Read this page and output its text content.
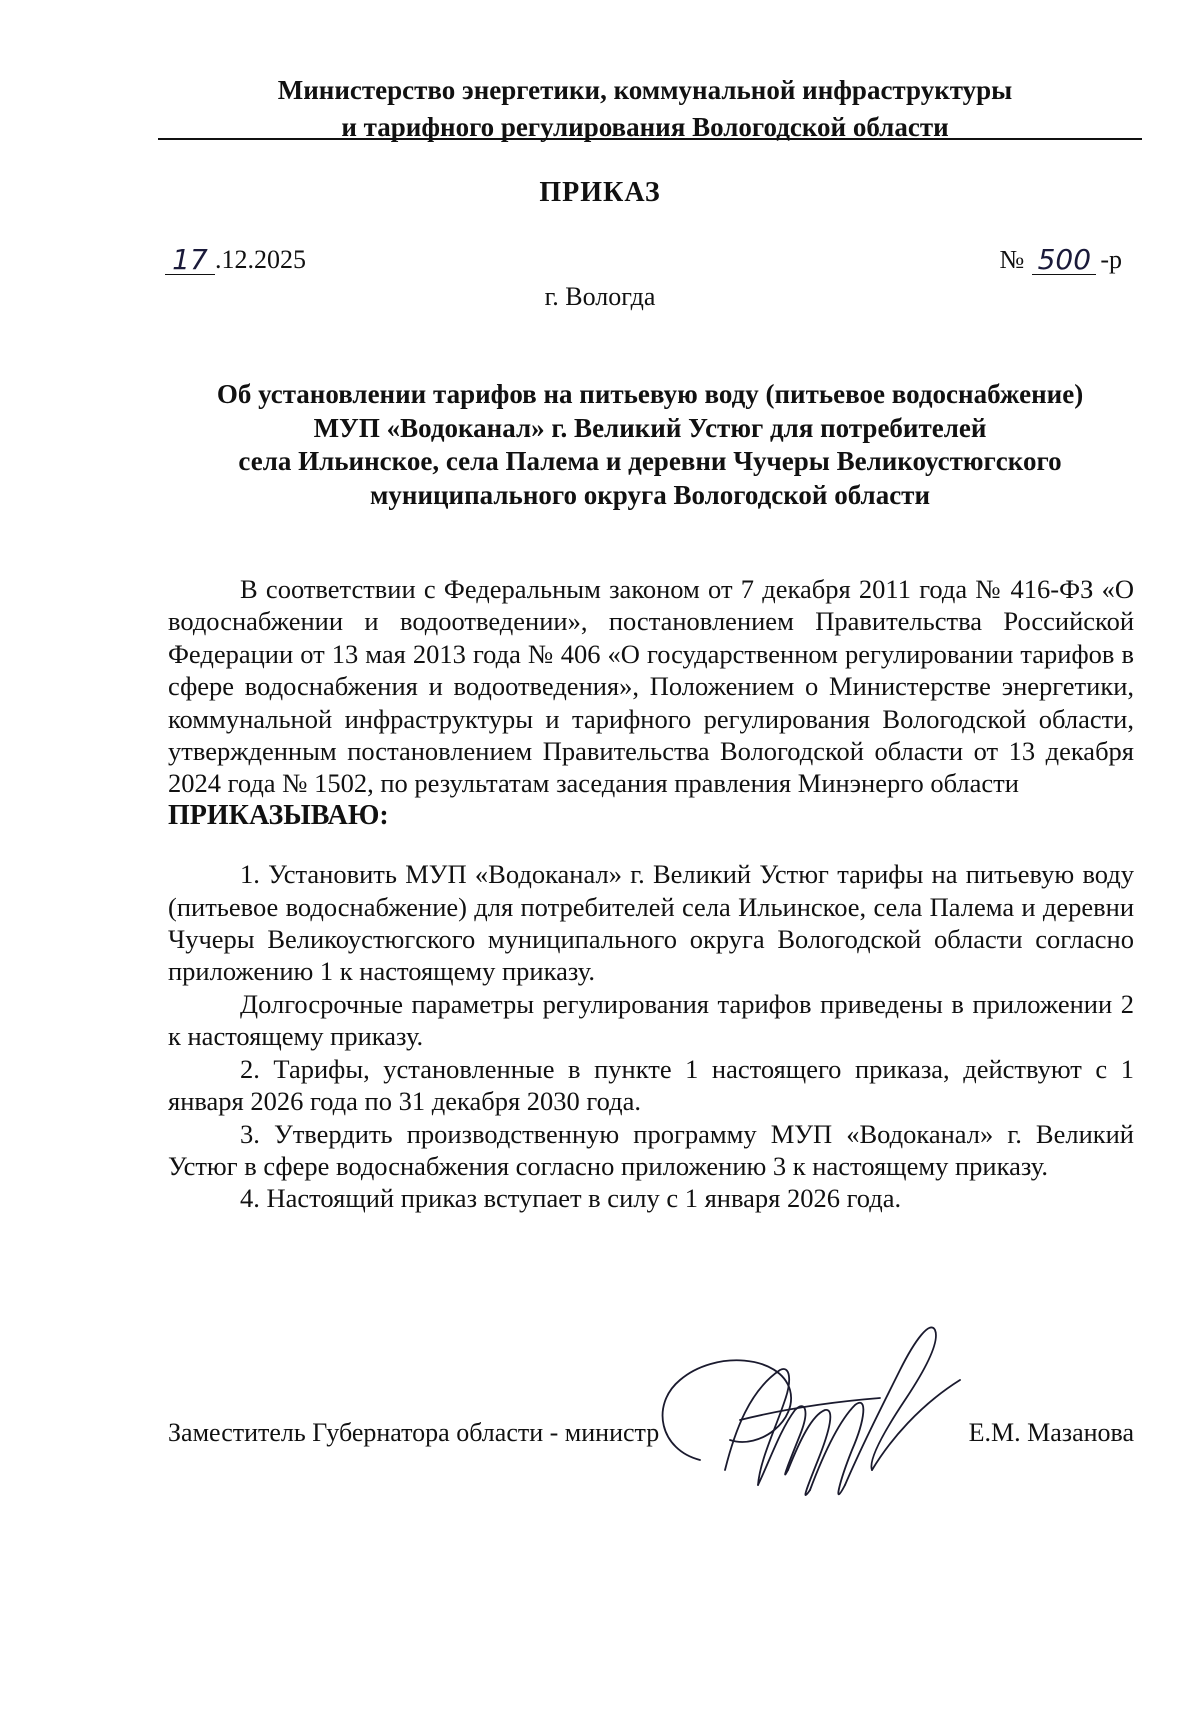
Министерство энергетики, коммунальной инфраструктуры
и тарифного регулирования Вологодской области
ПРИКАЗ
17 .12.2025	№ 500 -р
г. Вологда
Об установлении тарифов на питьевую воду (питьевое водоснабжение)
МУП «Водоканал» г. Великий Устюг для потребителей
села Ильинское, села Палема и деревни Чучеры Великоустюгского
муниципального округа Вологодской области

В соответствии с Федеральным законом от 7 декабря 2011 года № 416-ФЗ «О водоснабжении и водоотведении», постановлением Правительства Российской Федерации от 13 мая 2013 года № 406 «О государственном регулировании тарифов в сфере водоснабжения и водоотведения», Положением о Министерстве энергетики, коммунальной инфраструктуры и тарифного регулирования Вологодской области, утвержденным постановлением Правительства Вологодской области от 13 декабря 2024 года № 1502, по результатам заседания правления Минэнерго области

ПРИКАЗЫВАЮ:

1. Установить МУП «Водоканал» г. Великий Устюг тарифы на питьевую воду (питьевое водоснабжение) для потребителей села Ильинское, села Палема и деревни Чучеры Великоустюгского муниципального округа Вологодской области согласно приложению 1 к настоящему приказу.

Долгосрочные параметры регулирования тарифов приведены в приложении 2 к настоящему приказу.

2. Тарифы, установленные в пункте 1 настоящего приказа, действуют с 1 января 2026 года по 31 декабря 2030 года.

3. Утвердить производственную программу МУП «Водоканал» г. Великий Устюг в сфере водоснабжения согласно приложению 3 к настоящему приказу.

4. Настоящий приказ вступает в силу с 1 января 2026 года.

Заместитель Губернатора области - министр	Е.М. Мазанова
